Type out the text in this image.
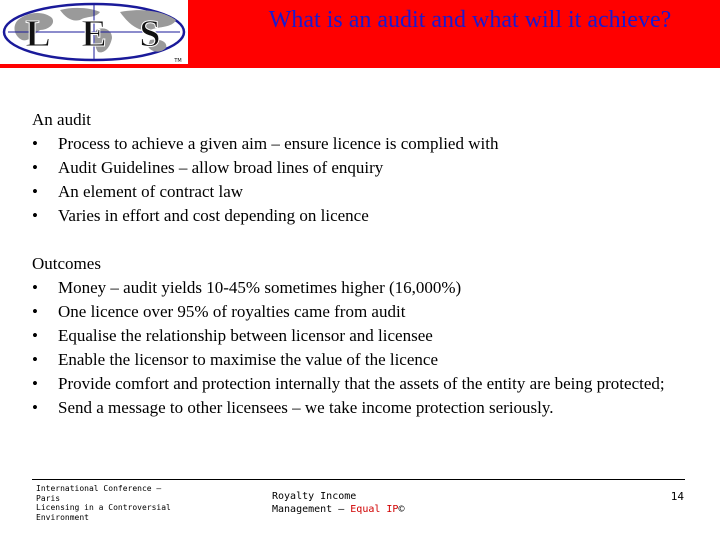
L E S
TM
What is an audit and what will it achieve?
An audit
•	Process to achieve a given aim – ensure licence is complied with
•	Audit Guidelines – allow broad lines of enquiry
•	An element of contract law
•	Varies in effort and cost depending on licence
Outcomes
•	Money – audit yields 10-45% sometimes higher (16,000%)
•	One licence over 95% of royalties came from audit
•	Equalise the relationship between licensor and licensee
•	Enable the licensor to maximise the value of the licence
•	Provide comfort and protection internally that the assets of the entity are being protected;
•	Send a message to other licensees – we take income protection seriously.
International Conference –
Paris
Licensing in a Controversial
Environment
Royalty Income
Management – Equal IP©
14
